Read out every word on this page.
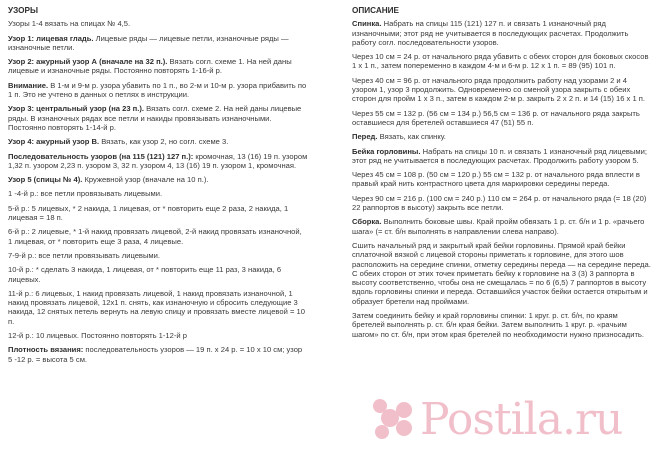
УЗОРЫ
Узоры 1-4 вязать на спицах № 4,5.
Узор 1: лицевая гладь. Лицевые ряды — лицевые петли, изнаночные ряды — изнаночные петли.
Узор 2: ажурный узор А (вначале на 32 п.). Вязать согл. схеме 1. На ней даны лицевые и изнаночные ряды. Постоянно повторять 1-16-й р.
Внимание. В 1-м и 9-м р. узора убавить по 1 п., во 2-м и 10-м р. узора прибавить по 1 п. Это не учтено в данных о петлях в инструкции.
Узор 3: центральный узор (на 23 п.). Вязать согл. схеме 2. На ней даны лицевые ряды. В изнаночных рядах все петли и накиды провязывать изнаночными. Постоянно повторять 1-14-й р.
Узор 4: ажурный узор В. Вязать, как узор 2, но согл. схеме 3.
Последовательность узоров (на 115 (121) 127 п.): кромочная, 13 (16) 19 п. узором 1,32 п. узором 2,23 п. узором 3, 32 п. узором 4, 13 (16) 19 п. узором 1, кромочная.
Узор 5 (спицы № 4). Кружевной узор (вначале на 10 п.).
1 -4-й р.: все петли провязывать лицевыми.
5-й р.: 5 лицевых, * 2 накида, 1 лицевая, от * повторить еще 2 раза, 2 накида, 1 лицевая = 18 п.
6-й р.: 2 лицевые, * 1-й накид провязать лицевой, 2-й накид провязать изнаночной, 1 лицевая, от * повторить еще 3 раза, 4 лицевые.
7-9-й р.: все петли провязывать лицевыми.
10-й р.: * сделать 3 накида, 1 лицевая, от * повторить еще 11 раз, 3 накида, 6 лицевых.
11-й р.: 6 лицевых, 1 накид провязать лицевой, 1 накид провязать изнаночной, 1 накид провязать лицевой, 12x1 п. снять, как изнаночную и сбросить следующие 3 накида, 12 снятых петель вернуть на левую спицу и провязать вместе лицевой = 10 п.
12-й р.: 10 лицевых. Постоянно повторять 1-12-й р
Плотность вязания: последовательность узоров — 19 п. х 24 р. = 10 х 10 см; узор 5 -12 р. = высота 5 см.
ОПИСАНИЕ
Спинка. Набрать на спицы 115 (121) 127 п. и связать 1 изнаночный ряд изнаночными; этот ряд не учитывается в последующих расчетах. Продолжить работу согл. последовательности узоров.
Через 10 см = 24 р. от начального ряда убавить с обеих сторон для боковых скосов 1 x 1 п., затем попеременно в каждом 4-м и 6-м р. 12 x 1 п. = 89 (95) 101 п.
Через 40 см = 96 р. от начального ряда продолжить работу над узорами 2 и 4 узором 1, узор 3 продолжить. Одновременно со сменой узора закрыть с обеих сторон для пройм 1 x 3 п., затем в каждом 2-м р. закрыть 2 x 2 п. и 14 (15) 16 x 1 п.
Через 55 см = 132 р. (56 см = 134 р.) 56,5 см = 136 р. от начального ряда закрыть оставшиеся для бретелей оставшиеся 47 (51) 55 п.
Перед. Вязать, как спинку.
Бейка горловины. Набрать на спицы 10 п. и связать 1 изнаночный ряд лицевыми; этот ряд не учитывается в последующих расчетах. Продолжить работу узором 5.
Через 45 см = 108 р. (50 см = 120 р.) 55 см = 132 р. от начального ряда вплести в правый край нить контрастного цвета для маркировки середины переда.
Через 90 см = 216 р. (100 см = 240 р.) 110 см = 264 р. от начального ряда (= 18 (20) 22 раппортов в высоту) закрыть все петли.
Сборка. Выполнить боковые швы. Край пройм обвязать 1 р. ст. б/н и 1 р. «рачьего шага» (= ст. б/н выполнять в направлении слева направо).
Сшить начальный ряд и закрытый край бейки горловины. Прямой край бейки сплаточной вязкой с лицевой стороны приметать к горловине, для этого шов расположить на середине спинки, отметку середины переда — на середине переда. С обеих сторон от этих точек приметать бейку к горловине на 3 (3) 3 раппорта в высоту соответственно, чтобы она не смещалась = по 6 (6,5) 7 раппортов в высоту вдоль горловины спинки и переда. Оставшийся участок бейки остается открытым и образует бретели над проймами.
Затем соединить бейку и край горловины спинки: 1 круг. р. ст. б/н, по краям бретелей выполнять р. ст. б/н края бейки. Затем выполнить 1 круг. р. «рачьим шагом» по ст. б/н, при этом края бретелей по необходимости нужно призносадить.
Postila.ru
